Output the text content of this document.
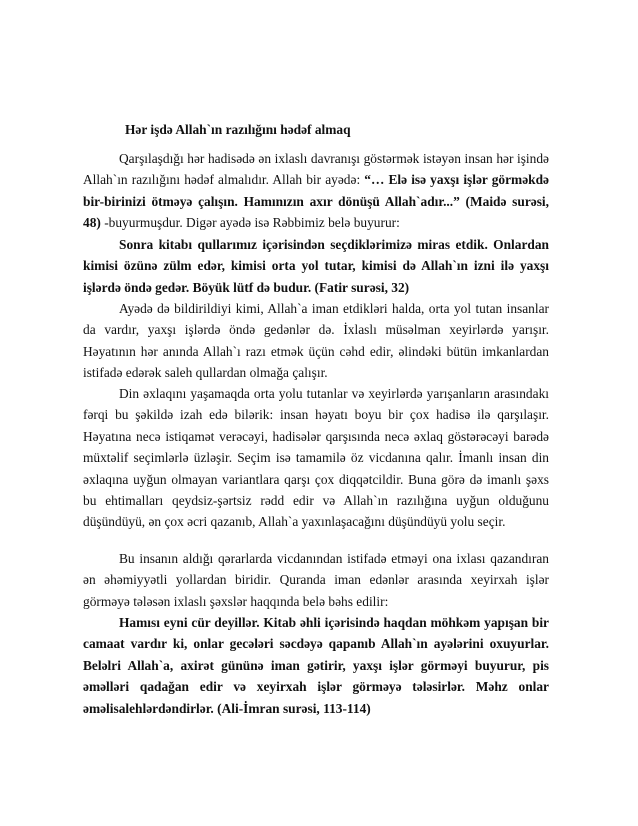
Hər işdə Allah`ın razılığını hədəf almaq

Qarşılaşdığı hər hadisədə ən ixlaslı davranışı göstərmək istəyən insan hər işində Allah`ın razılığını hədəf almalıdır. Allah bir ayədə: “… Elə isə yaxşı işlər görməkdə bir-birinizi ötməyə çalışın. Hamınızın axır dönüşü Allah`adır...” (Maidə surəsi, 48) -buyurmuşdur. Digər ayədə isə Rəbbimiz belə buyurur:

Sonra kitabı qullarımız içərisindən seçdiklərimizə miras etdik. Onlardan kimisi özünə zülm edər, kimisi orta yol tutar, kimisi də Allah`ın izni ilə yaxşı işlərdə öndə gedər. Böyük lütf də budur. (Fatir surəsi, 32)

Ayədə də bildirildiyi kimi, Allah`a iman etdikləri halda, orta yol tutan insanlar da vardır, yaxşı işlərdə öndə gedənlər də. İxlaslı müsəlman xeyirlərdə yarışır. Həyatının hər anında Allah`ı razı etmək üçün cəhd edir, əlindəki bütün imkanlardan istifadə edərək saleh qullardan olmağa çalışır.

Din əxlaqını yaşamaqda orta yolu tutanlar və xeyirlərdə yarışanların arasındakı fərqi bu şəkildə izah edə bilərik: insan həyatı boyu bir çox hadisə ilə qarşılaşır. Həyatına necə istiqamət verəcəyi, hadisələr qarşısında necə əxlaq göstərəcəyi barədə müxtəlif seçimlərlə üzləşir. Seçim isə tamamilə öz vicdanına qalır. İmanlı insan din əxlaqına uyğun olmayan variantlara qarşı çox diqqətcildir. Buna görə də imanlı şəxs bu ehtimalları qeydsiz-şərtsiz rədd edir və Allah`ın razılığına uyğun olduğunu düşündüyü, ən çox əcri qazanıb, Allah`a yaxınlaşacağını düşündüyü yolu seçir.

Bu insanın aldığı qərarlarda vicdanından istifadə etməyi ona ixlası qazandıran ən əhəmiyyətli yollardan biridir. Quranda iman edənlər arasında xeyirxah işlər görməyə tələsən ixlaslı şəxslər haqqında belə bəhs edilir:

Hamısı eyni cür deyillər. Kitab əhli içərisində haqdan möhkəm yapışan bir camaat vardır ki, onlar gecələri səcdəyə qapanıb Allah`ın ayələrini oxuyurlar. Beləlri Allah`a, axirət gününə iman gətirir, yaxşı işlər görməyi buyurur, pis əməlləri qadağan edir və xeyirxah işlər görməyə tələsirlər. Məhz onlar əməlisalehlərdəndirlər. (Ali-İmran surəsi, 113-114)
